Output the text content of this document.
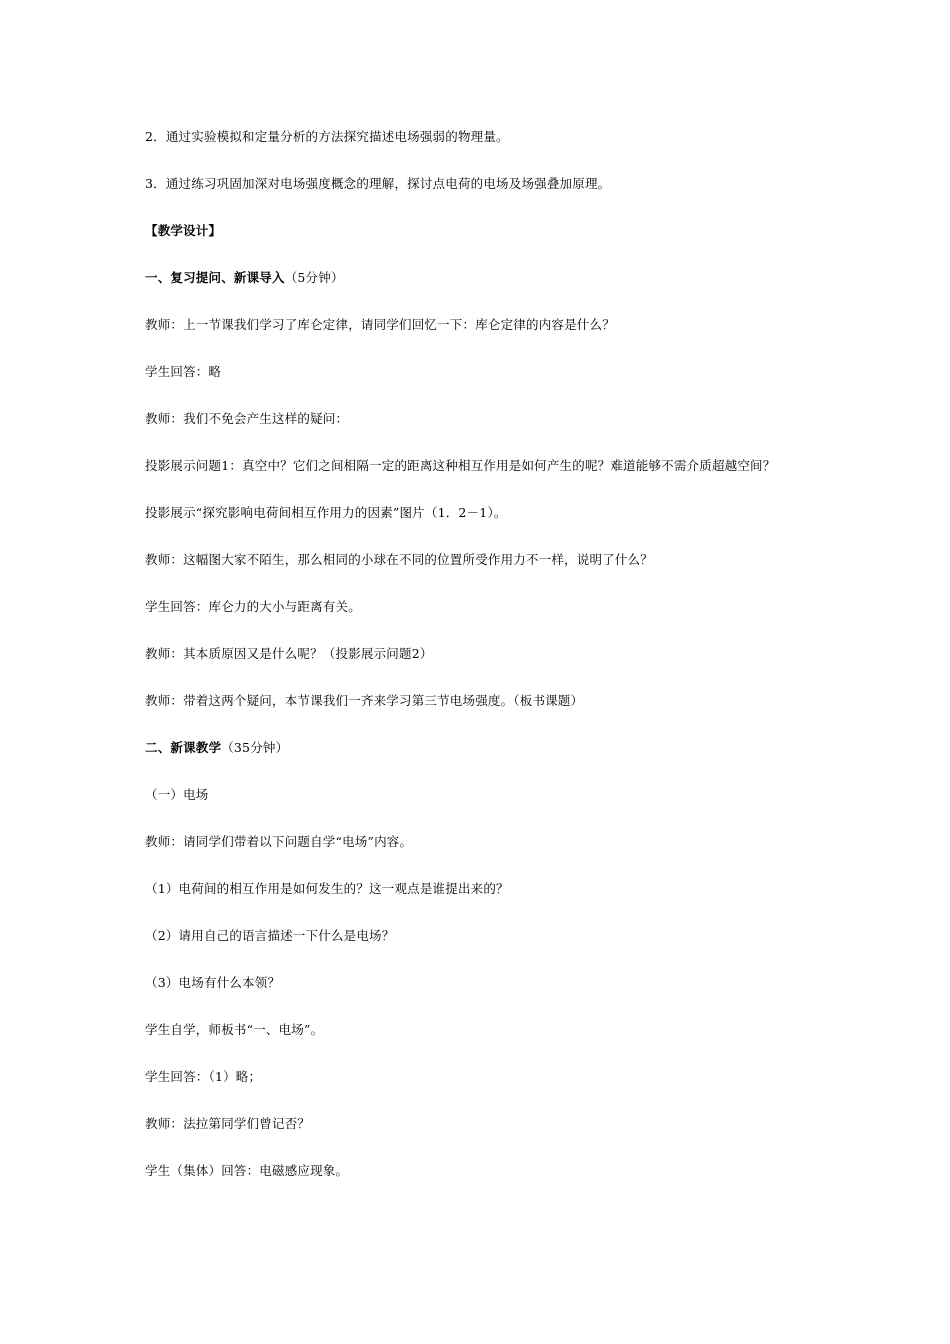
2．通过实验模拟和定量分析的方法探究描述电场强弱的物理量。
3．通过练习巩固加深对电场强度概念的理解，探讨点电荷的电场及场强叠加原理。
【教学设计】
一、复习提问、新课导入（5分钟）
教师：上一节课我们学习了库仑定律，请同学们回忆一下：库仑定律的内容是什么？
学生回答：略
教师：我们不免会产生这样的疑问：
投影展示问题1：真空中？它们之间相隔一定的距离这种相互作用是如何产生的呢？难道能够不需介质超越空间？
投影展示“探究影响电荷间相互作用力的因素”图片（1．2－1）。
教师：这幅图大家不陌生，那么相同的小球在不同的位置所受作用力不一样，说明了什么？
学生回答：库仑力的大小与距离有关。
教师：其本质原因又是什么呢？（投影展示问题2）
教师：带着这两个疑问，本节课我们一齐来学习第三节电场强度。（板书课题）
二、新课教学（35分钟）
（一）电场
教师：请同学们带着以下问题自学“电场”内容。
（1）电荷间的相互作用是如何发生的？这一观点是谁提出来的？
（2）请用自己的语言描述一下什么是电场？
（3）电场有什么本领？
学生自学，师板书“一、电场”。
学生回答：（1）略；
教师：法拉第同学们曾记否？
学生（集体）回答：电磁感应现象。
